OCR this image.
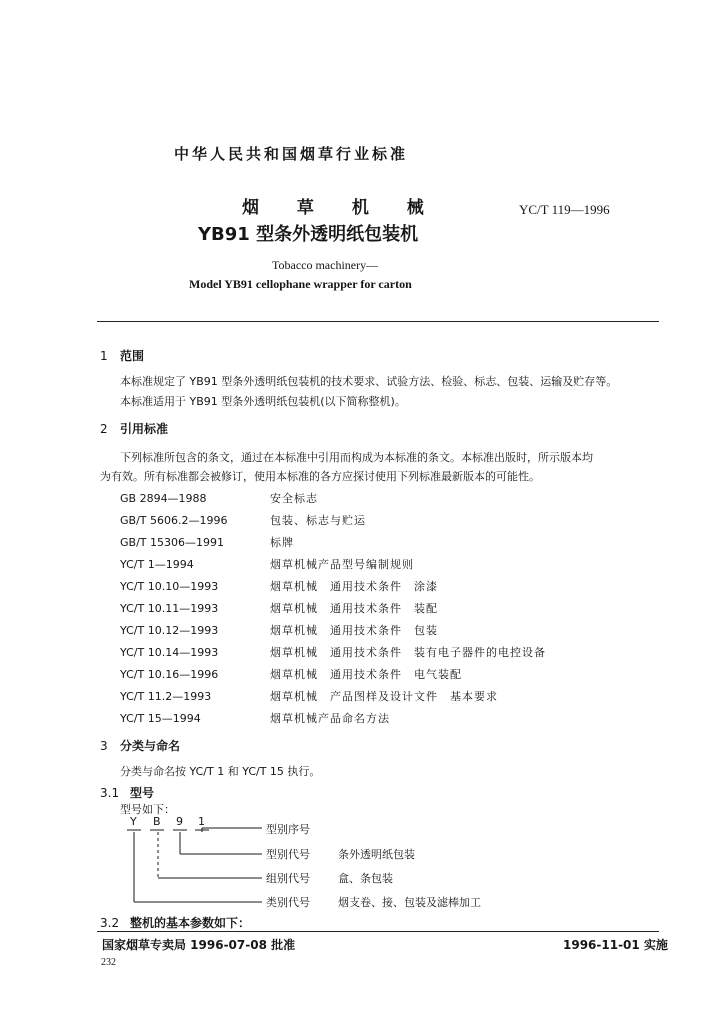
中华人民共和国烟草行业标准
烟 草 机 械
YB91 型条外透明纸包装机
YC/T 119—1996
Tobacco machinery—
Model YB91 cellophane wrapper for carton
1 范围
本标准规定了 YB91 型条外透明纸包装机的技术要求、试验方法、检验、标志、包装、运输及贮存等。
本标准适用于 YB91 型条外透明纸包装机(以下简称整机)。
2 引用标准
下列标准所包含的条文，通过在本标准中引用而构成为本标准的条文。本标准出版时，所示版本均
为有效。所有标准都会被修订，使用本标准的各方应探讨使用下列标准最新版本的可能性。
GB 2894—1988	安全标志
GB/T 5606.2—1996	包装、标志与贮运
GB/T 15306—1991	标牌
YC/T 1—1994	烟草机械产品型号编制规则
YC/T 10.10—1993	烟草机械　通用技术条件　涂漆
YC/T 10.11—1993	烟草机械　通用技术条件　装配
YC/T 10.12—1993	烟草机械　通用技术条件　包装
YC/T 10.14—1993	烟草机械　通用技术条件　装有电子器件的电控设备
YC/T 10.16—1996	烟草机械　通用技术条件　电气装配
YC/T 11.2—1993	烟草机械　产品图样及设计文件　基本要求
YC/T 15—1994	烟草机械产品命名方法
3 分类与命名
分类与命名按 YC/T 1 和 YC/T 15 执行。
3.1 型号
型号如下：
Y B 9 1
型别序号
型别代号	条外透明纸包装
组别代号	盒、条包装
类别代号	烟支卷、接、包装及滤棒加工
3.2 整机的基本参数如下：
国家烟草专卖局 1996-07-08 批准	1996-11-01 实施
232
